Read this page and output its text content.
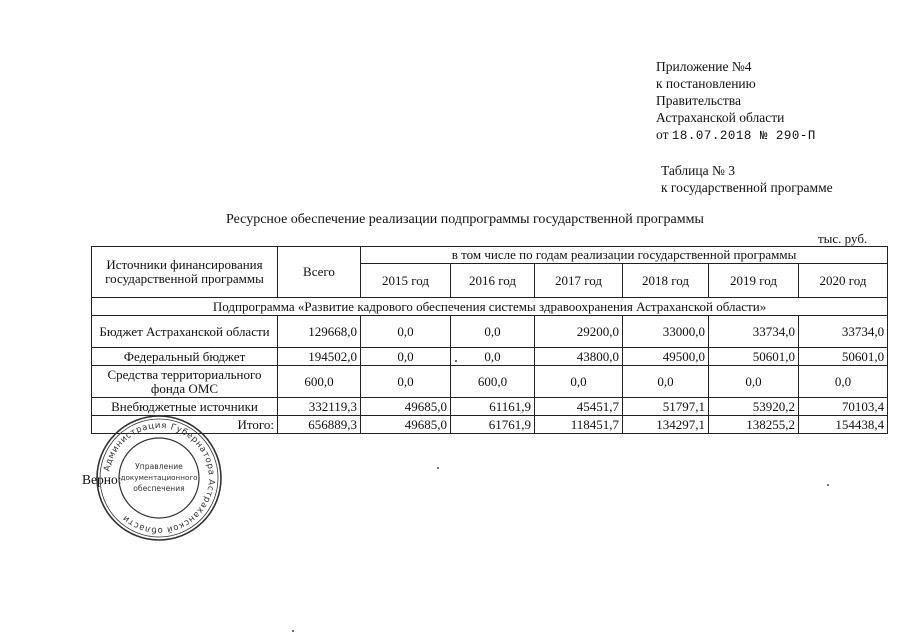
Приложение №4
к постановлению
Правительства
Астраханской области
от 18.07.2018 № 290-П
Таблица № 3
к государственной программе
Ресурсное обеспечение реализации подпрограммы государственной программы
тыс. руб.
Источники финансирования государственной программы	Всего	в том числе по годам реализации государственной программы					
		2015 год	2016 год	2017 год	2018 год	2019 год	2020 год
Подпрограмма «Развитие кадрового обеспечения системы здравоохранения Астраханской области»							
Бюджет Астраханской области	129668,0	0,0	0,0	29200,0	33000,0	33734,0	33734,0
Федеральный бюджет	194502,0	0,0	0,0	43800,0	49500,0	50601,0	50601,0
Средства территориального фонда ОМС	600,0	0,0	600,0	0,0	0,0	0,0	0,0
Внебюджетные источники	332119,3	49685,0	61161,9	45451,7	51797,1	53920,2	70103,4
Итого:	656889,3	49685,0	61761,9	118451,7	134297,1	138255,2	154438,4
Верно:
Администрация Губернатора Астраханской области
Управление
документационного
обеспечения
